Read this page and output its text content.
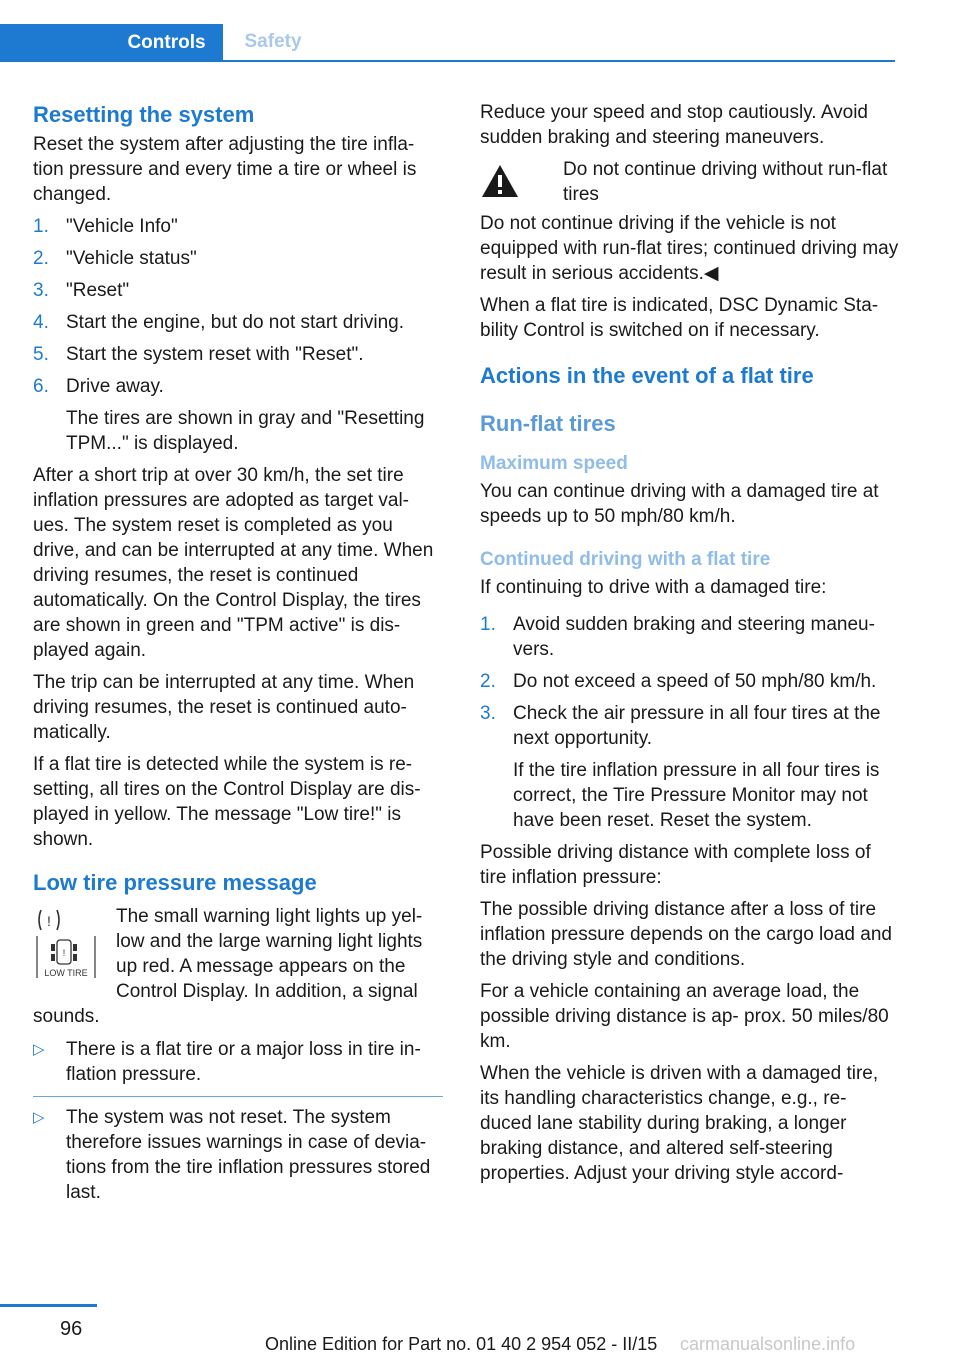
Controls	Safety
Resetting the system

Reset the system after adjusting the tire infla‐ tion pressure and every time a tire or wheel is changed.

1. "Vehicle Info"
2. "Vehicle status"
3. "Reset"
4. Start the engine, but do not start driving.
5. Start the system reset with "Reset".
6. Drive away.
The tires are shown in gray and "Resetting TPM..." is displayed.

After a short trip at over 30 km/h, the set tire inflation pressures are adopted as target val‐ ues. The system reset is completed as you drive, and can be interrupted at any time. When driving resumes, the reset is continued automatically. On the Control Display, the tires are shown in green and "TPM active" is dis‐ played again.

The trip can be interrupted at any time. When driving resumes, the reset is continued auto‐ matically.

If a flat tire is detected while the system is re‐ setting, all tires on the Control Display are dis‐ played in yellow. The message "Low tire!" is shown.

Low tire pressure message
!
!
LOW TIRE

The small warning light lights up yel‐ low and the large warning light lights up red. A message appears on the Control Display. In addition, a signal sounds.

▷ There is a flat tire or a major loss in tire in‐ flation pressure.
▷ The system was not reset. The system therefore issues warnings in case of devia‐ tions from the tire inflation pressures stored last.

Reduce your speed and stop cautiously. Avoid sudden braking and steering maneuvers.

Do not continue driving without run-flat tires

Do not continue driving if the vehicle is not equipped with run-flat tires; continued driving may result in serious accidents.◀

When a flat tire is indicated, DSC Dynamic Sta‐ bility Control is switched on if necessary.

Actions in the event of a flat tire
Run-flat tires
Maximum speed

You can continue driving with a damaged tire at speeds up to 50 mph/80 km/h.

Continued driving with a flat tire

If continuing to drive with a damaged tire:

1. Avoid sudden braking and steering maneu‐ vers.
2. Do not exceed a speed of 50 mph/80 km/h.
3. Check the air pressure in all four tires at the next opportunity.
If the tire inflation pressure in all four tires is correct, the Tire Pressure Monitor may not have been reset. Reset the system.

Possible driving distance with complete loss of tire inflation pressure:

The possible driving distance after a loss of tire inflation pressure depends on the cargo load and the driving style and conditions.

For a vehicle containing an average load, the possible driving distance is ap‐ prox. 50 miles/80 km.

When the vehicle is driven with a damaged tire, its handling characteristics change, e.g., re‐ duced lane stability during braking, a longer braking distance, and altered self-steering properties. Adjust your driving style accord‐

96
Online Edition for Part no. 01 40 2 954 052 - II/15 carmanualsonline.info
